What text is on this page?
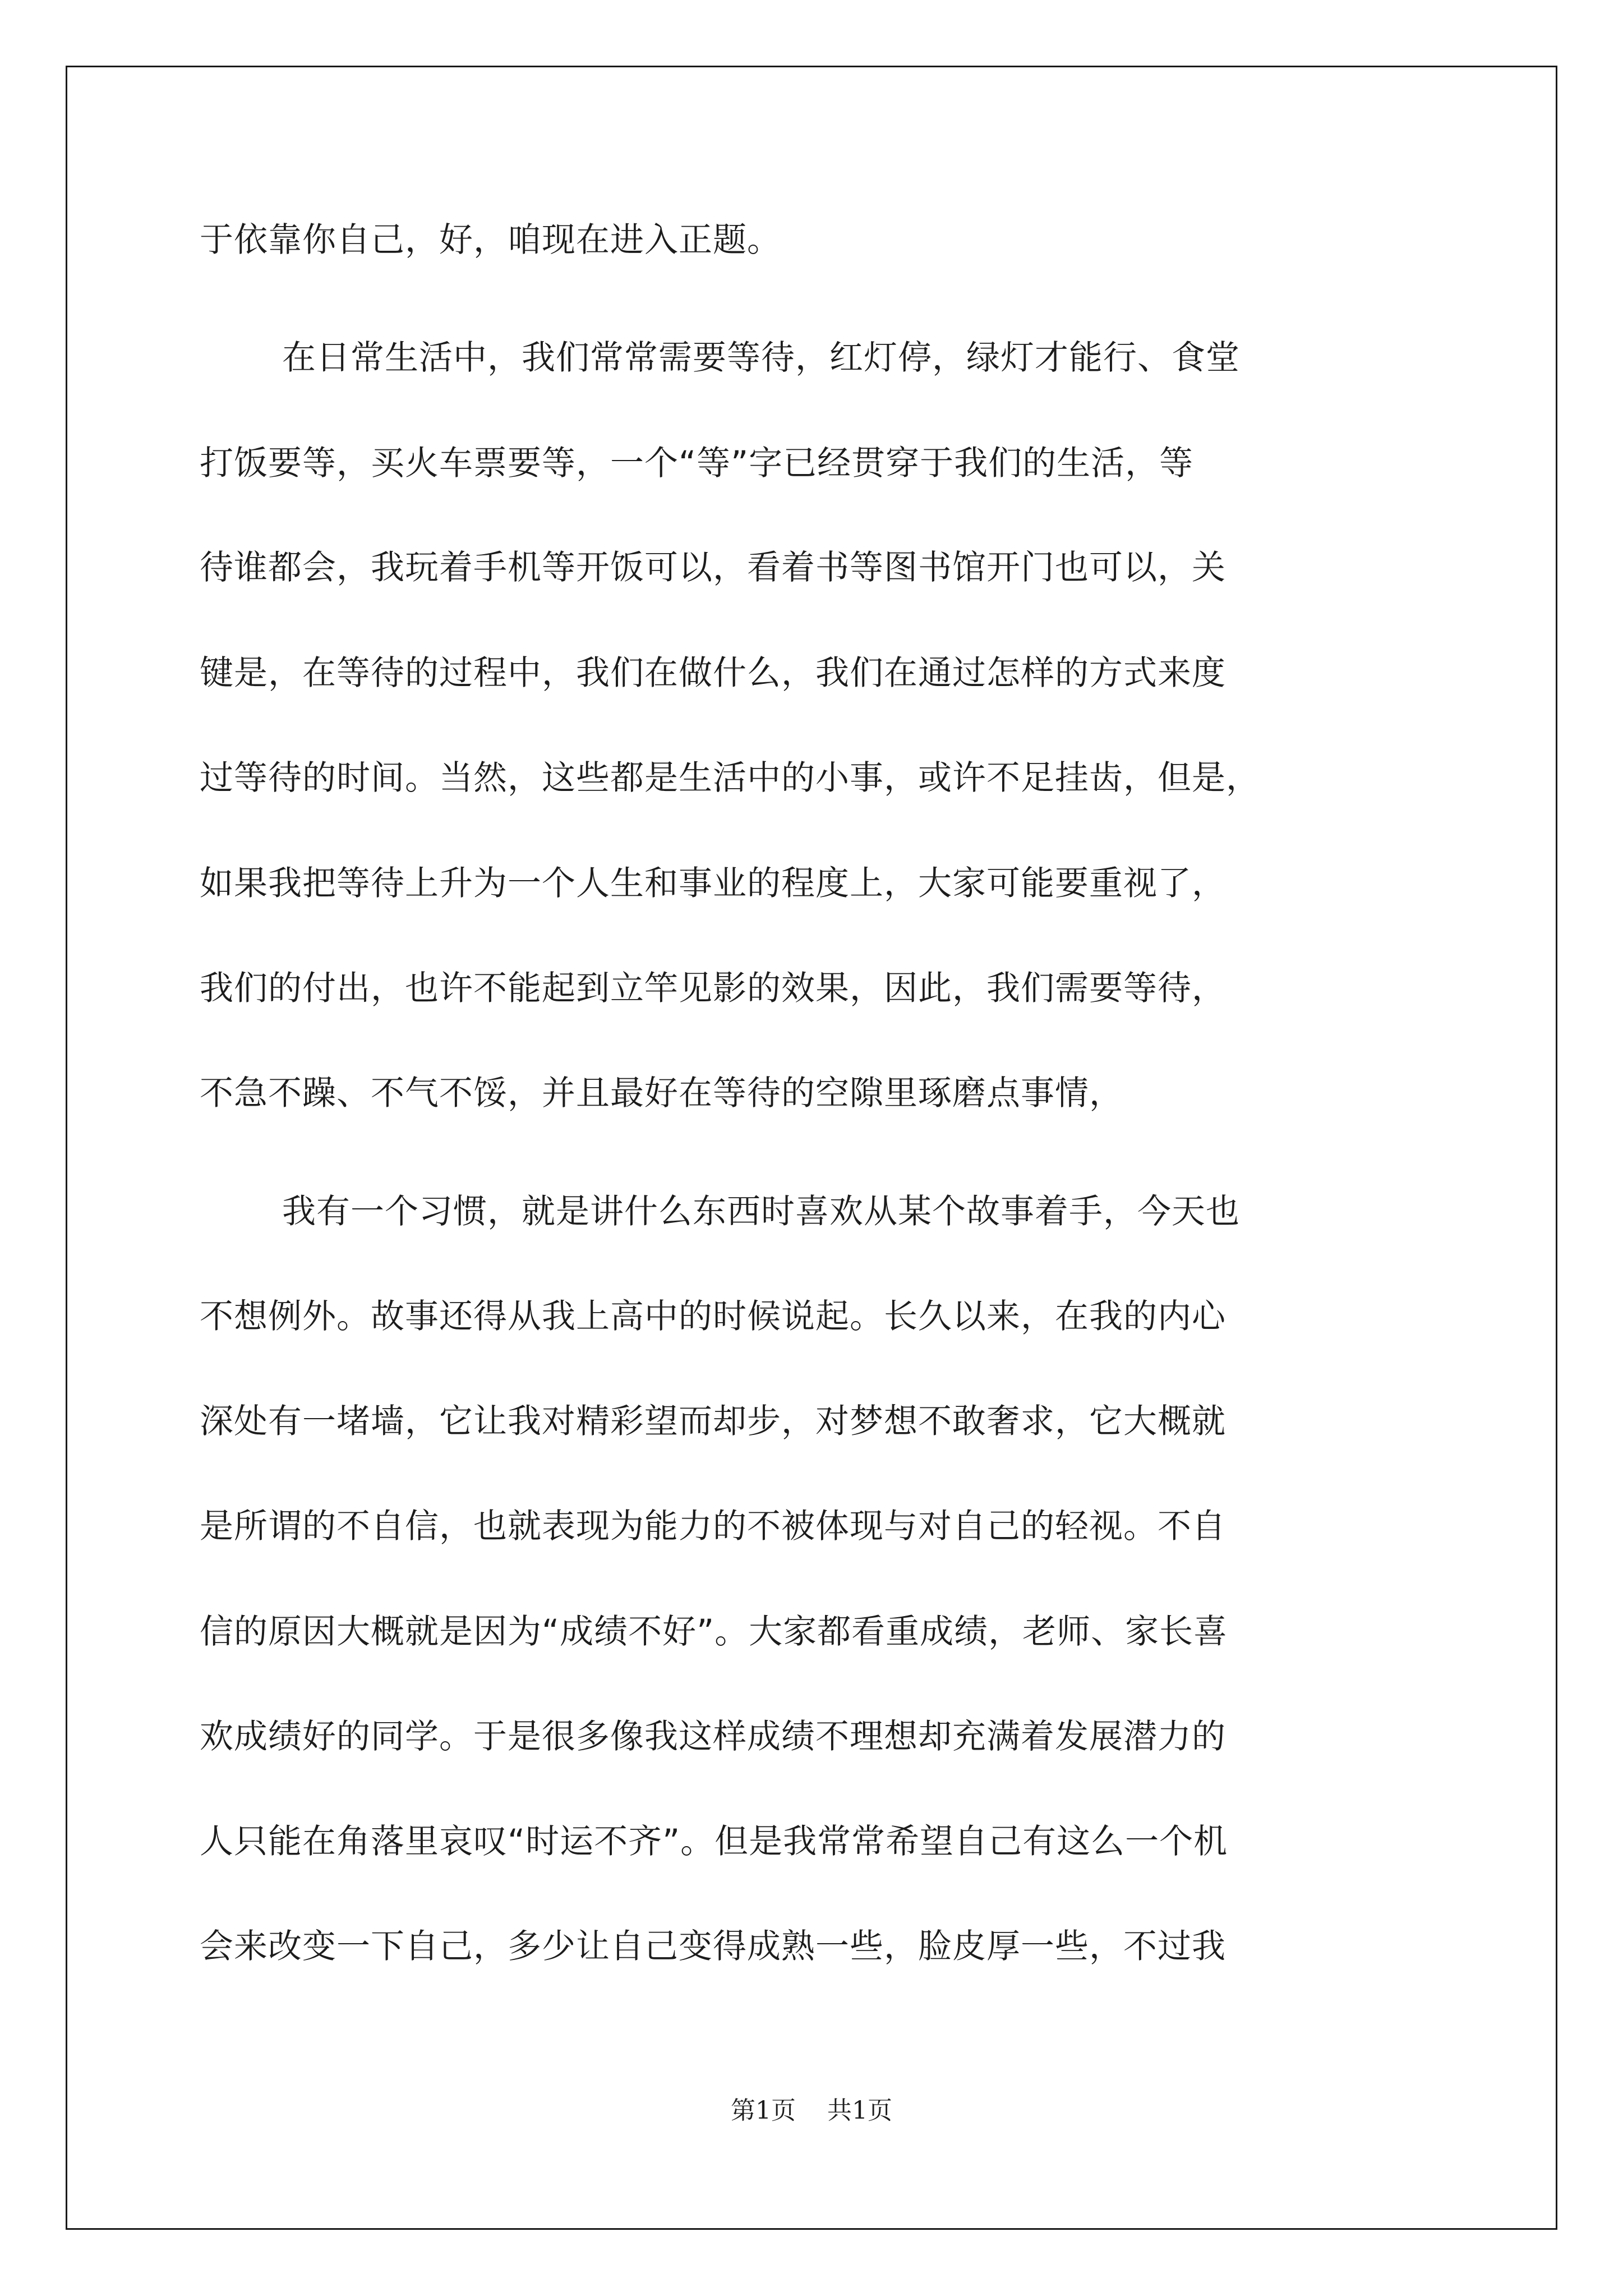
于依靠你自己，好，咱现在进入正题。

在日常生活中，我们常常需要等待，红灯停，绿灯才能行、食堂

打饭要等，买火车票要等，一个“等”字已经贯穿于我们的生活，等

待谁都会，我玩着手机等开饭可以，看着书等图书馆开门也可以，关

键是，在等待的过程中，我们在做什么，我们在通过怎样的方式来度

过等待的时间。当然，这些都是生活中的小事，或许不足挂齿，但是，

如果我把等待上升为一个人生和事业的程度上，大家可能要重视了，

我们的付出，也许不能起到立竿见影的效果，因此，我们需要等待，

不急不躁、不气不馁，并且最好在等待的空隙里琢磨点事情，

我有一个习惯，就是讲什么东西时喜欢从某个故事着手，今天也

不想例外。故事还得从我上高中的时候说起。长久以来，在我的内心

深处有一堵墙，它让我对精彩望而却步，对梦想不敢奢求，它大概就

是所谓的不自信，也就表现为能力的不被体现与对自己的轻视。不自

信的原因大概就是因为“成绩不好”。大家都看重成绩，老师、家长喜

欢成绩好的同学。于是很多像我这样成绩不理想却充满着发展潜力的

人只能在角落里哀叹“时运不齐”。但是我常常希望自己有这么一个机

会来改变一下自己，多少让自己变得成熟一些，脸皮厚一些，不过我

第1页 共1页
